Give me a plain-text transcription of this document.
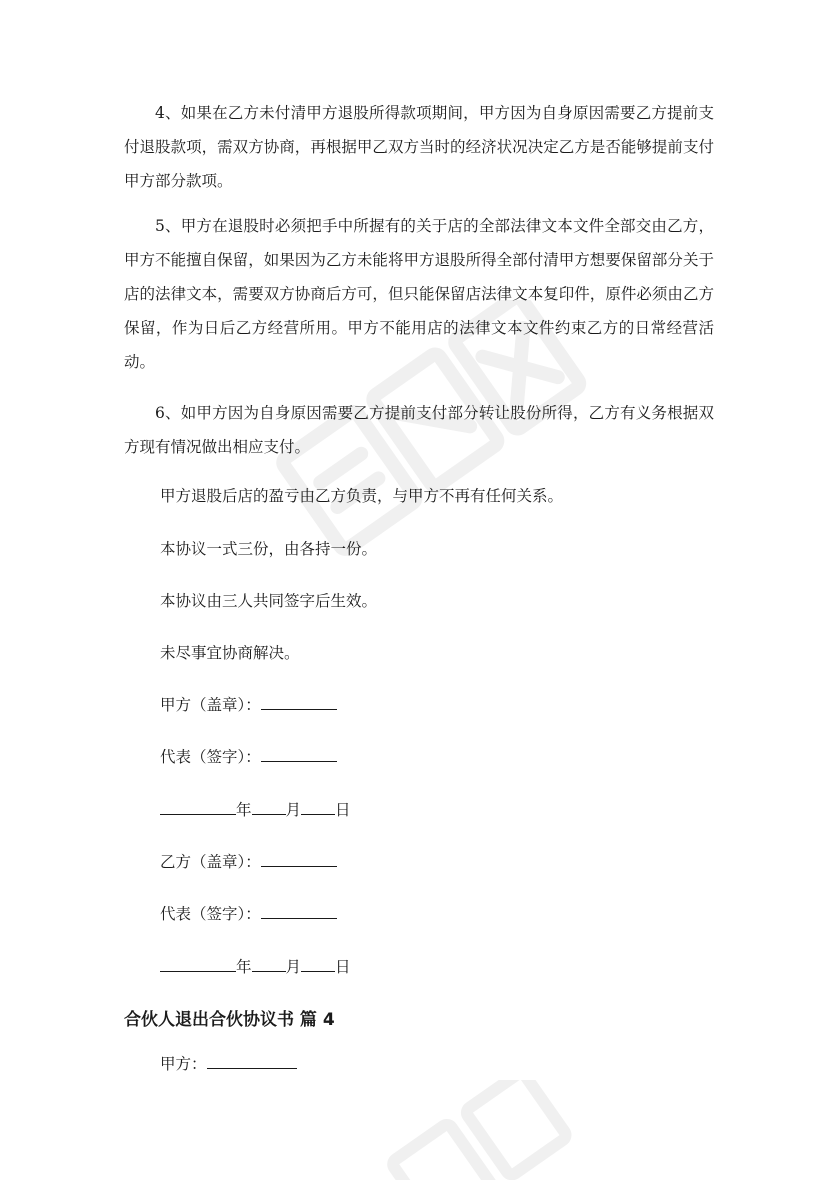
4、如果在乙方未付清甲方退股所得款项期间，甲方因为自身原因需要乙方提前支付退股款项，需双方协商，再根据甲乙双方当时的经济状况决定乙方是否能够提前支付甲方部分款项。

5、甲方在退股时必须把手中所握有的关于店的全部法律文本文件全部交由乙方，甲方不能擅自保留，如果因为乙方未能将甲方退股所得全部付清甲方想要保留部分关于店的法律文本，需要双方协商后方可，但只能保留店法律文本复印件，原件必须由乙方保留，作为日后乙方经营所用。甲方不能用店的法律文本文件约束乙方的日常经营活动。

6、如甲方因为自身原因需要乙方提前支付部分转让股份所得，乙方有义务根据双方现有情况做出相应支付。

甲方退股后店的盈亏由乙方负责，与甲方不再有任何关系。

本协议一式三份，由各持一份。

本协议由三人共同签字后生效。

未尽事宜协商解决。

甲方（盖章）：

代表（签字）：

年 月 日

乙方（盖章）：

代表（签字）：

年 月 日

合伙人退出合伙协议书 篇 4

甲方：
